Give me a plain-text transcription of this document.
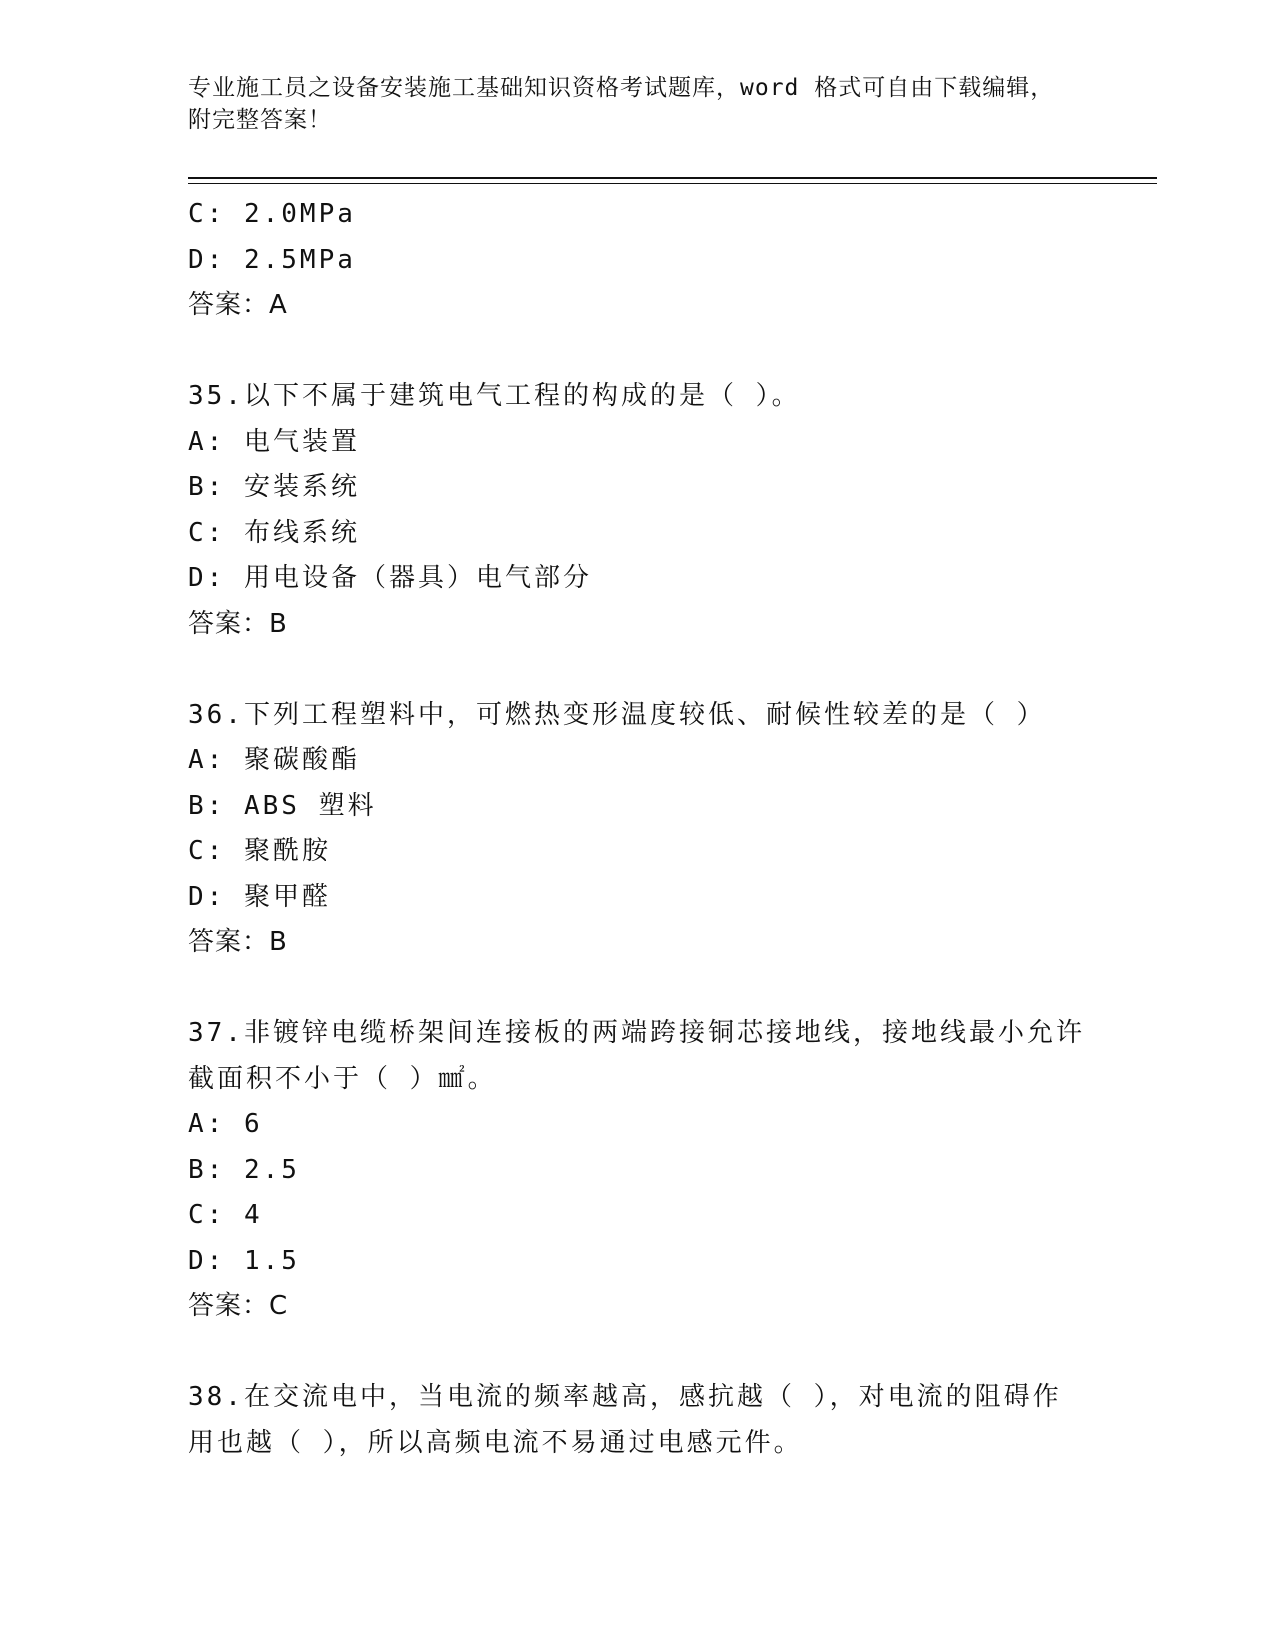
专业施工员之设备安装施工基础知识资格考试题库，word 格式可自由下载编辑，附完整答案！
C: 2.0MPa
D: 2.5MPa
答案：A
35.以下不属于建筑电气工程的构成的是（ ）。
A: 电气装置
B: 安装系统
C: 布线系统
D: 用电设备（器具）电气部分
答案：B
36.下列工程塑料中，可燃热变形温度较低、耐候性较差的是（ ）
A: 聚碳酸酯
B: ABS 塑料
C: 聚酰胺
D: 聚甲醛
答案：B
37.非镀锌电缆桥架间连接板的两端跨接铜芯接地线，接地线最小允许
截面积不小于（ ）㎟。
A: 6
B: 2.5
C: 4
D: 1.5
答案：C
38.在交流电中，当电流的频率越高，感抗越（ ），对电流的阻碍作
用也越（ ），所以高频电流不易通过电感元件。
